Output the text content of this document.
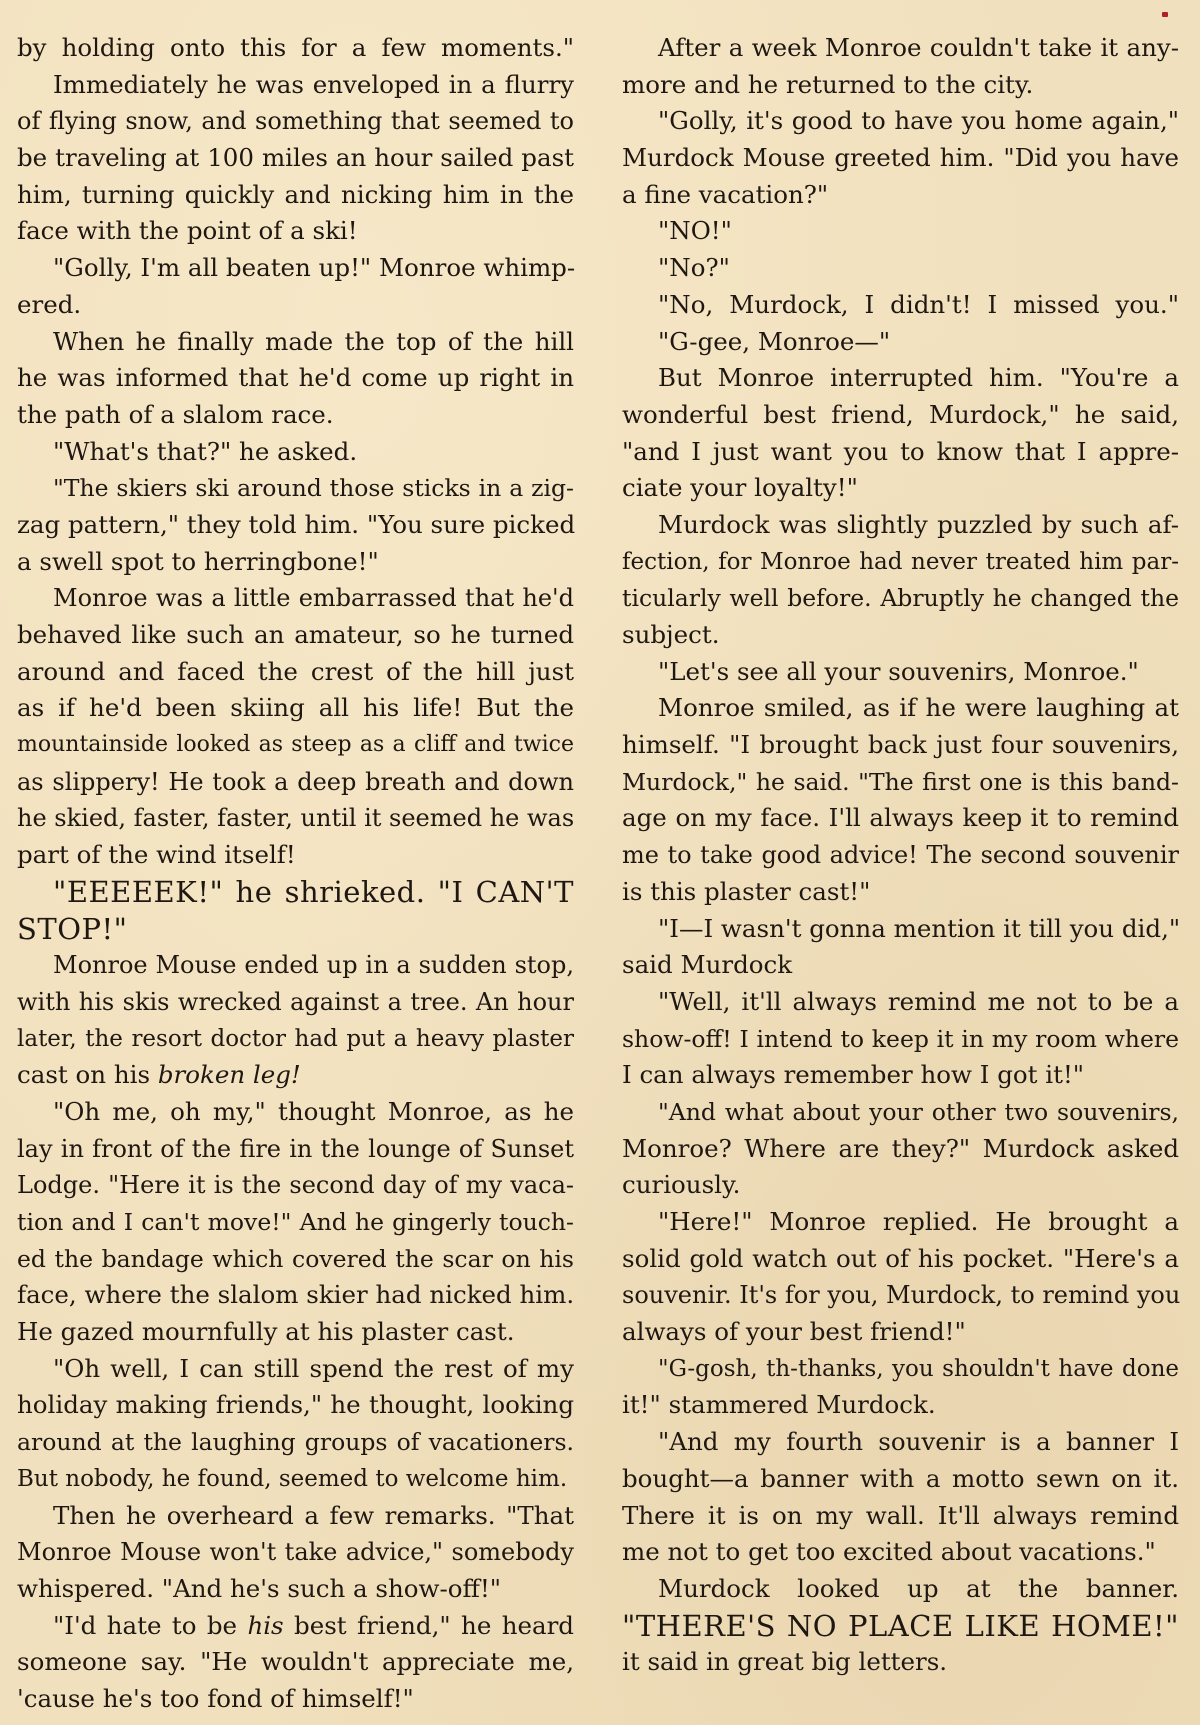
by holding onto this for a few moments."
Immediately he was enveloped in a flurry
of flying snow, and something that seemed to
be traveling at 100 miles an hour sailed past
him, turning quickly and nicking him in the
face with the point of a ski!
"Golly, I'm all beaten up!" Monroe whimp-
ered.
When he finally made the top of the hill
he was informed that he'd come up right in
the path of a slalom race.
"What's that?" he asked.
"The skiers ski around those sticks in a zig-
zag pattern," they told him. "You sure picked
a swell spot to herringbone!"
Monroe was a little embarrassed that he'd
behaved like such an amateur, so he turned
around and faced the crest of the hill just
as if he'd been skiing all his life! But the
mountainside looked as steep as a cliff and twice
as slippery! He took a deep breath and down
he skied, faster, faster, until it seemed he was
part of the wind itself!
"EEEEEK!" he shrieked. "I CAN'T
STOP!"
Monroe Mouse ended up in a sudden stop,
with his skis wrecked against a tree. An hour
later, the resort doctor had put a heavy plaster
cast on his broken leg!
"Oh me, oh my," thought Monroe, as he
lay in front of the fire in the lounge of Sunset
Lodge. "Here it is the second day of my vaca-
tion and I can't move!" And he gingerly touch-
ed the bandage which covered the scar on his
face, where the slalom skier had nicked him.
He gazed mournfully at his plaster cast.
"Oh well, I can still spend the rest of my
holiday making friends," he thought, looking
around at the laughing groups of vacationers.
But nobody, he found, seemed to welcome him.
Then he overheard a few remarks. "That
Monroe Mouse won't take advice," somebody
whispered. "And he's such a show-off!"
"I'd hate to be his best friend," he heard
someone say. "He wouldn't appreciate me,
'cause he's too fond of himself!"
After a week Monroe couldn't take it any-
more and he returned to the city.
"Golly, it's good to have you home again,"
Murdock Mouse greeted him. "Did you have
a fine vacation?"
"NO!"
"No?"
"No, Murdock, I didn't! I missed you."
"G-gee, Monroe—"
But Monroe interrupted him. "You're a
wonderful best friend, Murdock," he said,
"and I just want you to know that I appre-
ciate your loyalty!"
Murdock was slightly puzzled by such af-
fection, for Monroe had never treated him par-
ticularly well before. Abruptly he changed the
subject.
"Let's see all your souvenirs, Monroe."
Monroe smiled, as if he were laughing at
himself. "I brought back just four souvenirs,
Murdock," he said. "The first one is this band-
age on my face. I'll always keep it to remind
me to take good advice! The second souvenir
is this plaster cast!"
"I—I wasn't gonna mention it till you did,"
said Murdock
"Well, it'll always remind me not to be a
show-off! I intend to keep it in my room where
I can always remember how I got it!"
"And what about your other two souvenirs,
Monroe? Where are they?" Murdock asked
curiously.
"Here!" Monroe replied. He brought a
solid gold watch out of his pocket. "Here's a
souvenir. It's for you, Murdock, to remind you
always of your best friend!"
"G-gosh, th-thanks, you shouldn't have done
it!" stammered Murdock.
"And my fourth souvenir is a banner I
bought—a banner with a motto sewn on it.
There it is on my wall. It'll always remind
me not to get too excited about vacations."
Murdock looked up at the banner.
"THERE'S NO PLACE LIKE HOME!"
it said in great big letters.
